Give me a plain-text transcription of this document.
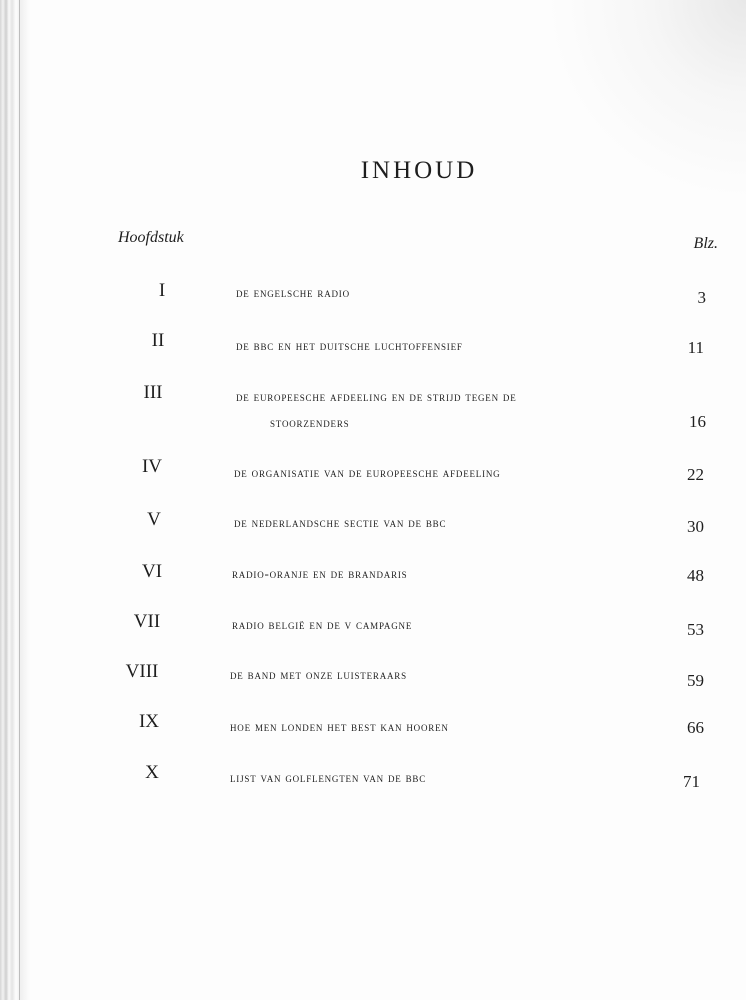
INHOUD
Hoofdstuk	Blz.
I	de engelsche radio	3
II	de bbc en het duitsche luchtoffensief	11
III	de europeesche afdeeling en de strijd tegen de
stoorzenders	16
IV	de organisatie van de europeesche afdeeling	22
V	de nederlandsche sectie van de bbc	30
VI	radio-oranje en de brandaris	48
VII	radio belgië en de v campagne	53
VIII	de band met onze luisteraars	59
IX	hoe men londen het best kan hooren	66
X	lijst van golflengten van de bbc	71
